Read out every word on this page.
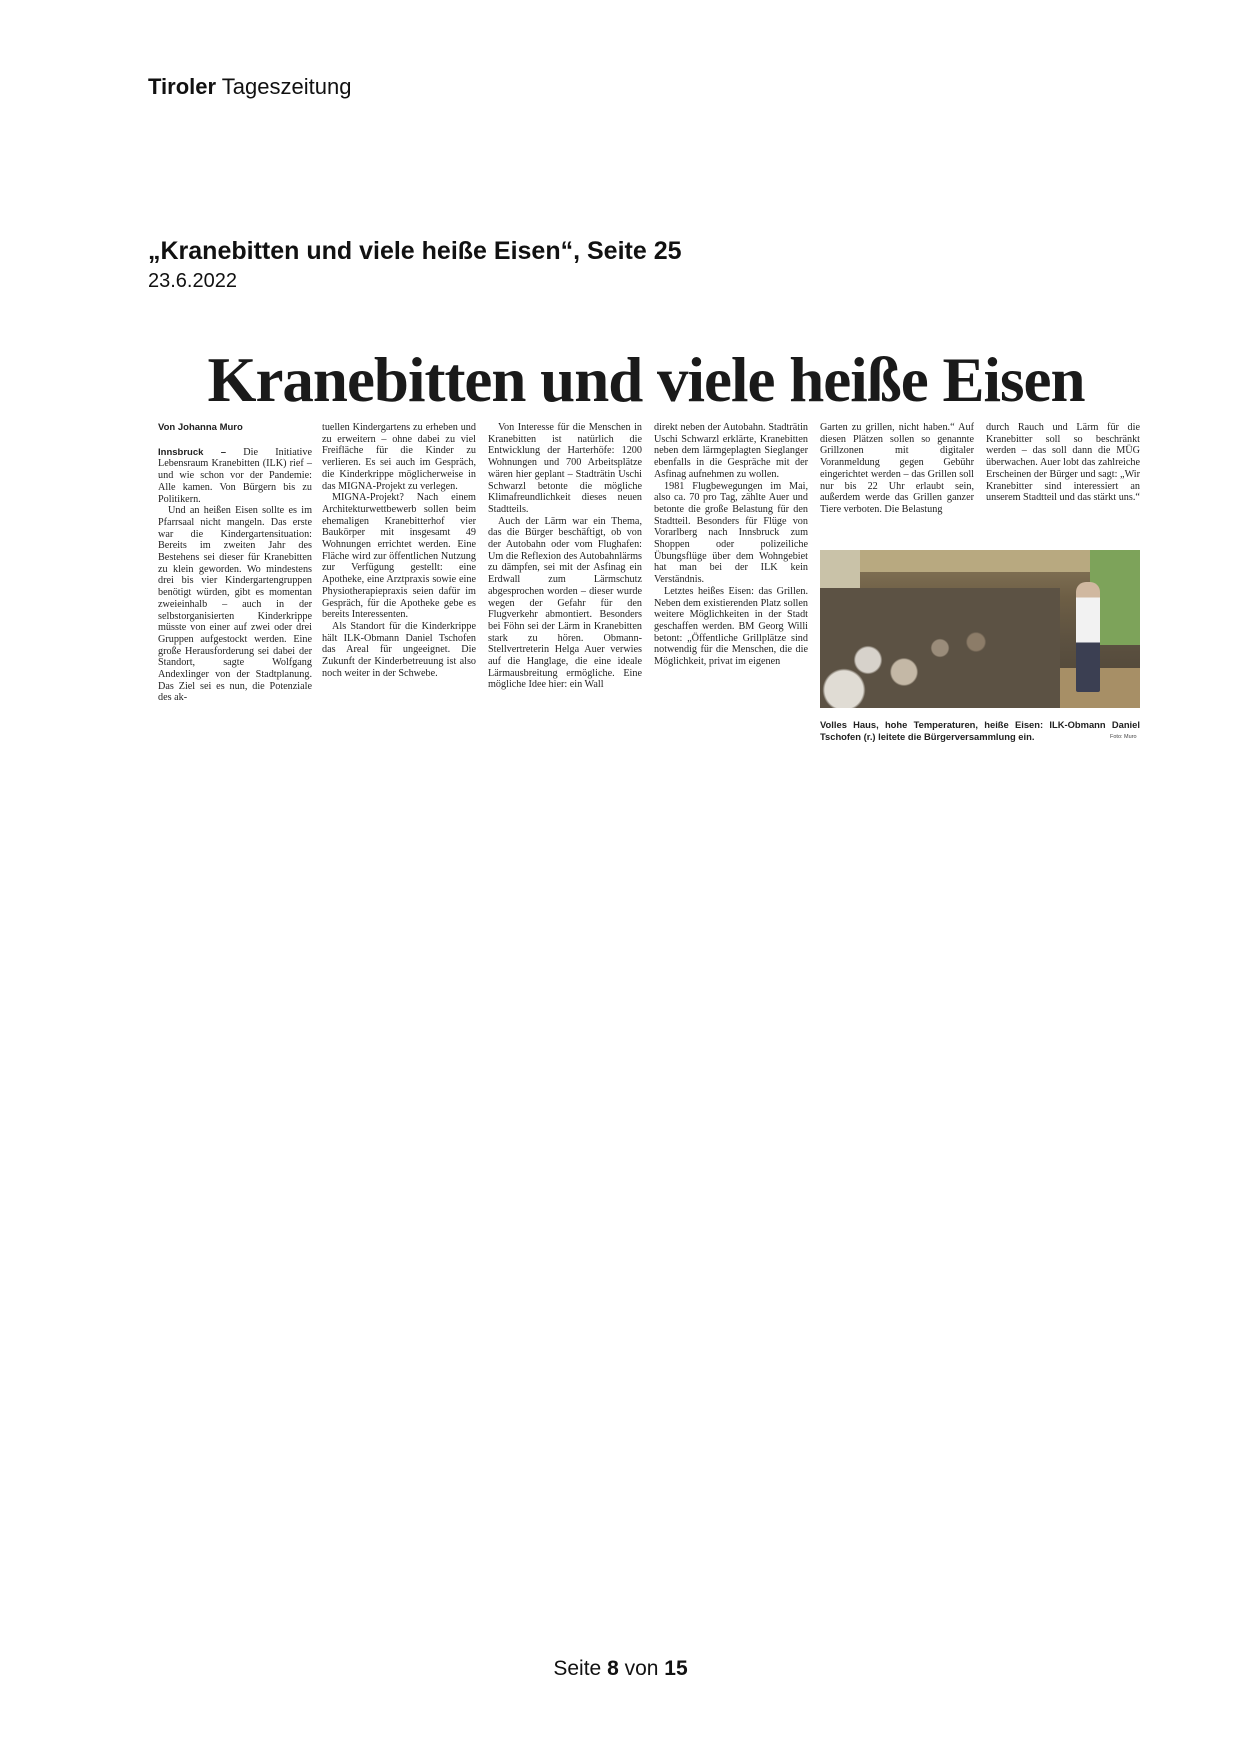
Tiroler Tageszeitung
„Kranebitten und viele heiße Eisen“, Seite 25
23.6.2022
Kranebitten und viele heiße Eisen
Von Johanna Muro

Innsbruck – Die Initiative Lebensraum Kranebitten (ILK) rief – und wie schon vor der Pandemie: Alle kamen. Von Bürgern bis zu Politikern.

Und an heißen Eisen sollte es im Pfarrsaal nicht mangeln. Das erste war die Kindergartensituation: Bereits im zweiten Jahr des Bestehens sei dieser für Kranebitten zu klein geworden. Wo mindestens drei bis vier Kindergartengruppen benötigt würden, gibt es momentan zweieinhalb – auch in der selbstorganisierten Kinderkrippe müsste von einer auf zwei oder drei Gruppen aufgestockt werden. Eine große Herausforderung sei dabei der Standort, sagte Wolfgang Andexlinger von der Stadtplanung. Das Ziel sei es nun, die Potenziale des ak-

tuellen Kindergartens zu erheben und zu erweitern – ohne dabei zu viel Freifläche für die Kinder zu verlieren. Es sei auch im Gespräch, die Kinderkrippe möglicherweise in das MIGNA-Projekt zu verlegen.

MIGNA-Projekt? Nach einem Architekturwettbewerb sollen beim ehemaligen Kranebitterhof vier Baukörper mit insgesamt 49 Wohnungen errichtet werden. Eine Fläche wird zur öffentlichen Nutzung zur Verfügung gestellt: eine Apotheke, eine Arztpraxis sowie eine Physiotherapiepraxis seien dafür im Gespräch, für die Apotheke gebe es bereits Interessenten.

Als Standort für die Kinderkrippe hält ILK-Obmann Daniel Tschofen das Areal für ungeeignet. Die Zukunft der Kinderbetreuung ist also noch weiter in der Schwebe.

Von Interesse für die Menschen in Kranebitten ist natürlich die Entwicklung der Harterhöfe: 1200 Wohnungen und 700 Arbeitsplätze wären hier geplant – Stadträtin Uschi Schwarzl betonte die mögliche Klimafreundlichkeit dieses neuen Stadtteils.

Auch der Lärm war ein Thema, das die Bürger beschäftigt, ob von der Autobahn oder vom Flughafen: Um die Reflexion des Autobahnlärms zu dämpfen, sei mit der Asfinag ein Erdwall zum Lärmschutz abgesprochen worden – dieser wurde wegen der Gefahr für den Flugverkehr abmontiert. Besonders bei Föhn sei der Lärm in Kranebitten stark zu hören. Obmann-Stellvertreterin Helga Auer verwies auf die Hanglage, die eine ideale Lärmausbreitung ermögliche. Eine mögliche Idee hier: ein Wall

direkt neben der Autobahn. Stadträtin Uschi Schwarzl erklärte, Kranebitten neben dem lärmgeplagten Sieglanger ebenfalls in die Gespräche mit der Asfinag aufnehmen zu wollen.

1981 Flugbewegungen im Mai, also ca. 70 pro Tag, zählte Auer und betonte die große Belastung für den Stadtteil. Besonders für Flüge von Vorarlberg nach Innsbruck zum Shoppen oder polizeiliche Übungsflüge über dem Wohngebiet hat man bei der ILK kein Verständnis.

Letztes heißes Eisen: das Grillen. Neben dem existierenden Platz sollen weitere Möglichkeiten in der Stadt geschaffen werden. BM Georg Willi betont: „Öffentliche Grillplätze sind notwendig für die Menschen, die die Möglichkeit, privat im eigenen

Garten zu grillen, nicht haben.“ Auf diesen Plätzen sollen so genannte Grillzonen mit digitaler Voranmeldung gegen Gebühr eingerichtet werden – das Grillen soll nur bis 22 Uhr erlaubt sein, außerdem werde das Grillen ganzer Tiere verboten. Die Belastung

durch Rauch und Lärm für die Kranebitter soll so beschränkt werden – das soll dann die MÜG überwachen. Auer lobt das zahlreiche Erscheinen der Bürger und sagt: „Wir Kranebitter sind interessiert an unserem Stadtteil und das stärkt uns.“

Volles Haus, hohe Temperaturen, heiße Eisen: ILK-Obmann Daniel Tschofen (r.) leitete die Bürgerversammlung ein.	Foto: Muro
Seite 8 von 15
